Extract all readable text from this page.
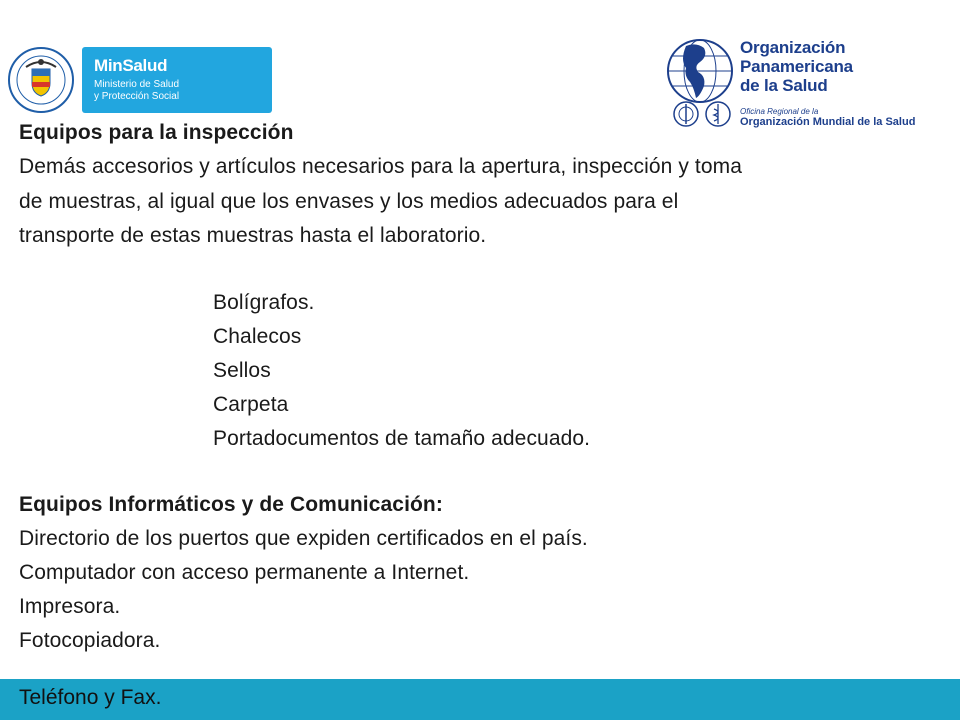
MinSalud
Ministerio de Salud
y Protección Social
Organización
Panamericana
de la Salud
Oficina Regional de la
Organización Mundial de la Salud

Equipos para la inspección

Demás accesorios y artículos necesarios para la apertura, inspección y toma

de muestras, al igual que los envases y los medios adecuados para el

transporte de estas muestras hasta el laboratorio.

Bolígrafos.

Chalecos

Sellos

Carpeta

Portadocumentos de tamaño adecuado.

Equipos Informáticos y de Comunicación:

Directorio de los puertos que expiden certificados en el país.

Computador con acceso permanente a Internet.

Impresora.

Fotocopiadora.

Teléfono y Fax.
